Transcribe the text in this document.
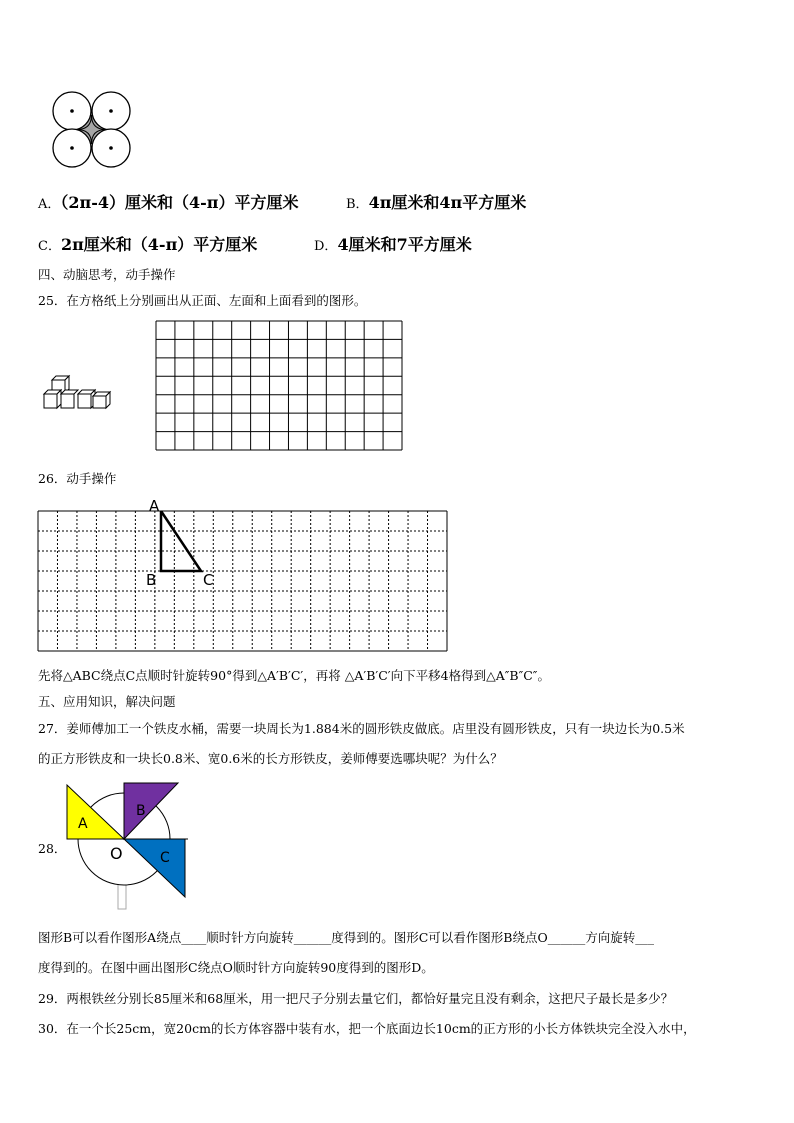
A．（2π-4）厘米和（4-π）平方厘米	B．4π厘米和4π平方厘米
C．2π厘米和（4-π）平方厘米	D．4厘米和7平方厘米
四、动脑思考，动手操作
25．在方格纸上分别画出从正面、左面和上面看到的图形。
26．动手操作
A
B	C
先将△ABC绕点C点顺时针旋转90°得到△A′B′C′，再将 △A′B′C′向下平移4格得到△A″B″C″。
五、应用知识，解决问题
27．姜师傅加工一个铁皮水桶，需要一块周长为1.884米的圆形铁皮做底。店里没有圆形铁皮，只有一块边长为0.5米
的正方形铁皮和一块长0.8米、宽0.6米的长方形铁皮，姜师傅要选哪块呢？为什么？
28．
A
B
C
O
图形B可以看作图形A绕点____顺时针方向旋转______度得到的。图形C可以看作图形B绕点O______方向旋转___
度得到的。在图中画出图形C绕点O顺时针方向旋转90度得到的图形D。
29．两根铁丝分别长85厘米和68厘米，用一把尺子分别去量它们，都恰好量完且没有剩余，这把尺子最长是多少？
30．在一个长25cm，宽20cm的长方体容器中装有水，把一个底面边长10cm的正方形的小长方体铁块完全没入水中，
